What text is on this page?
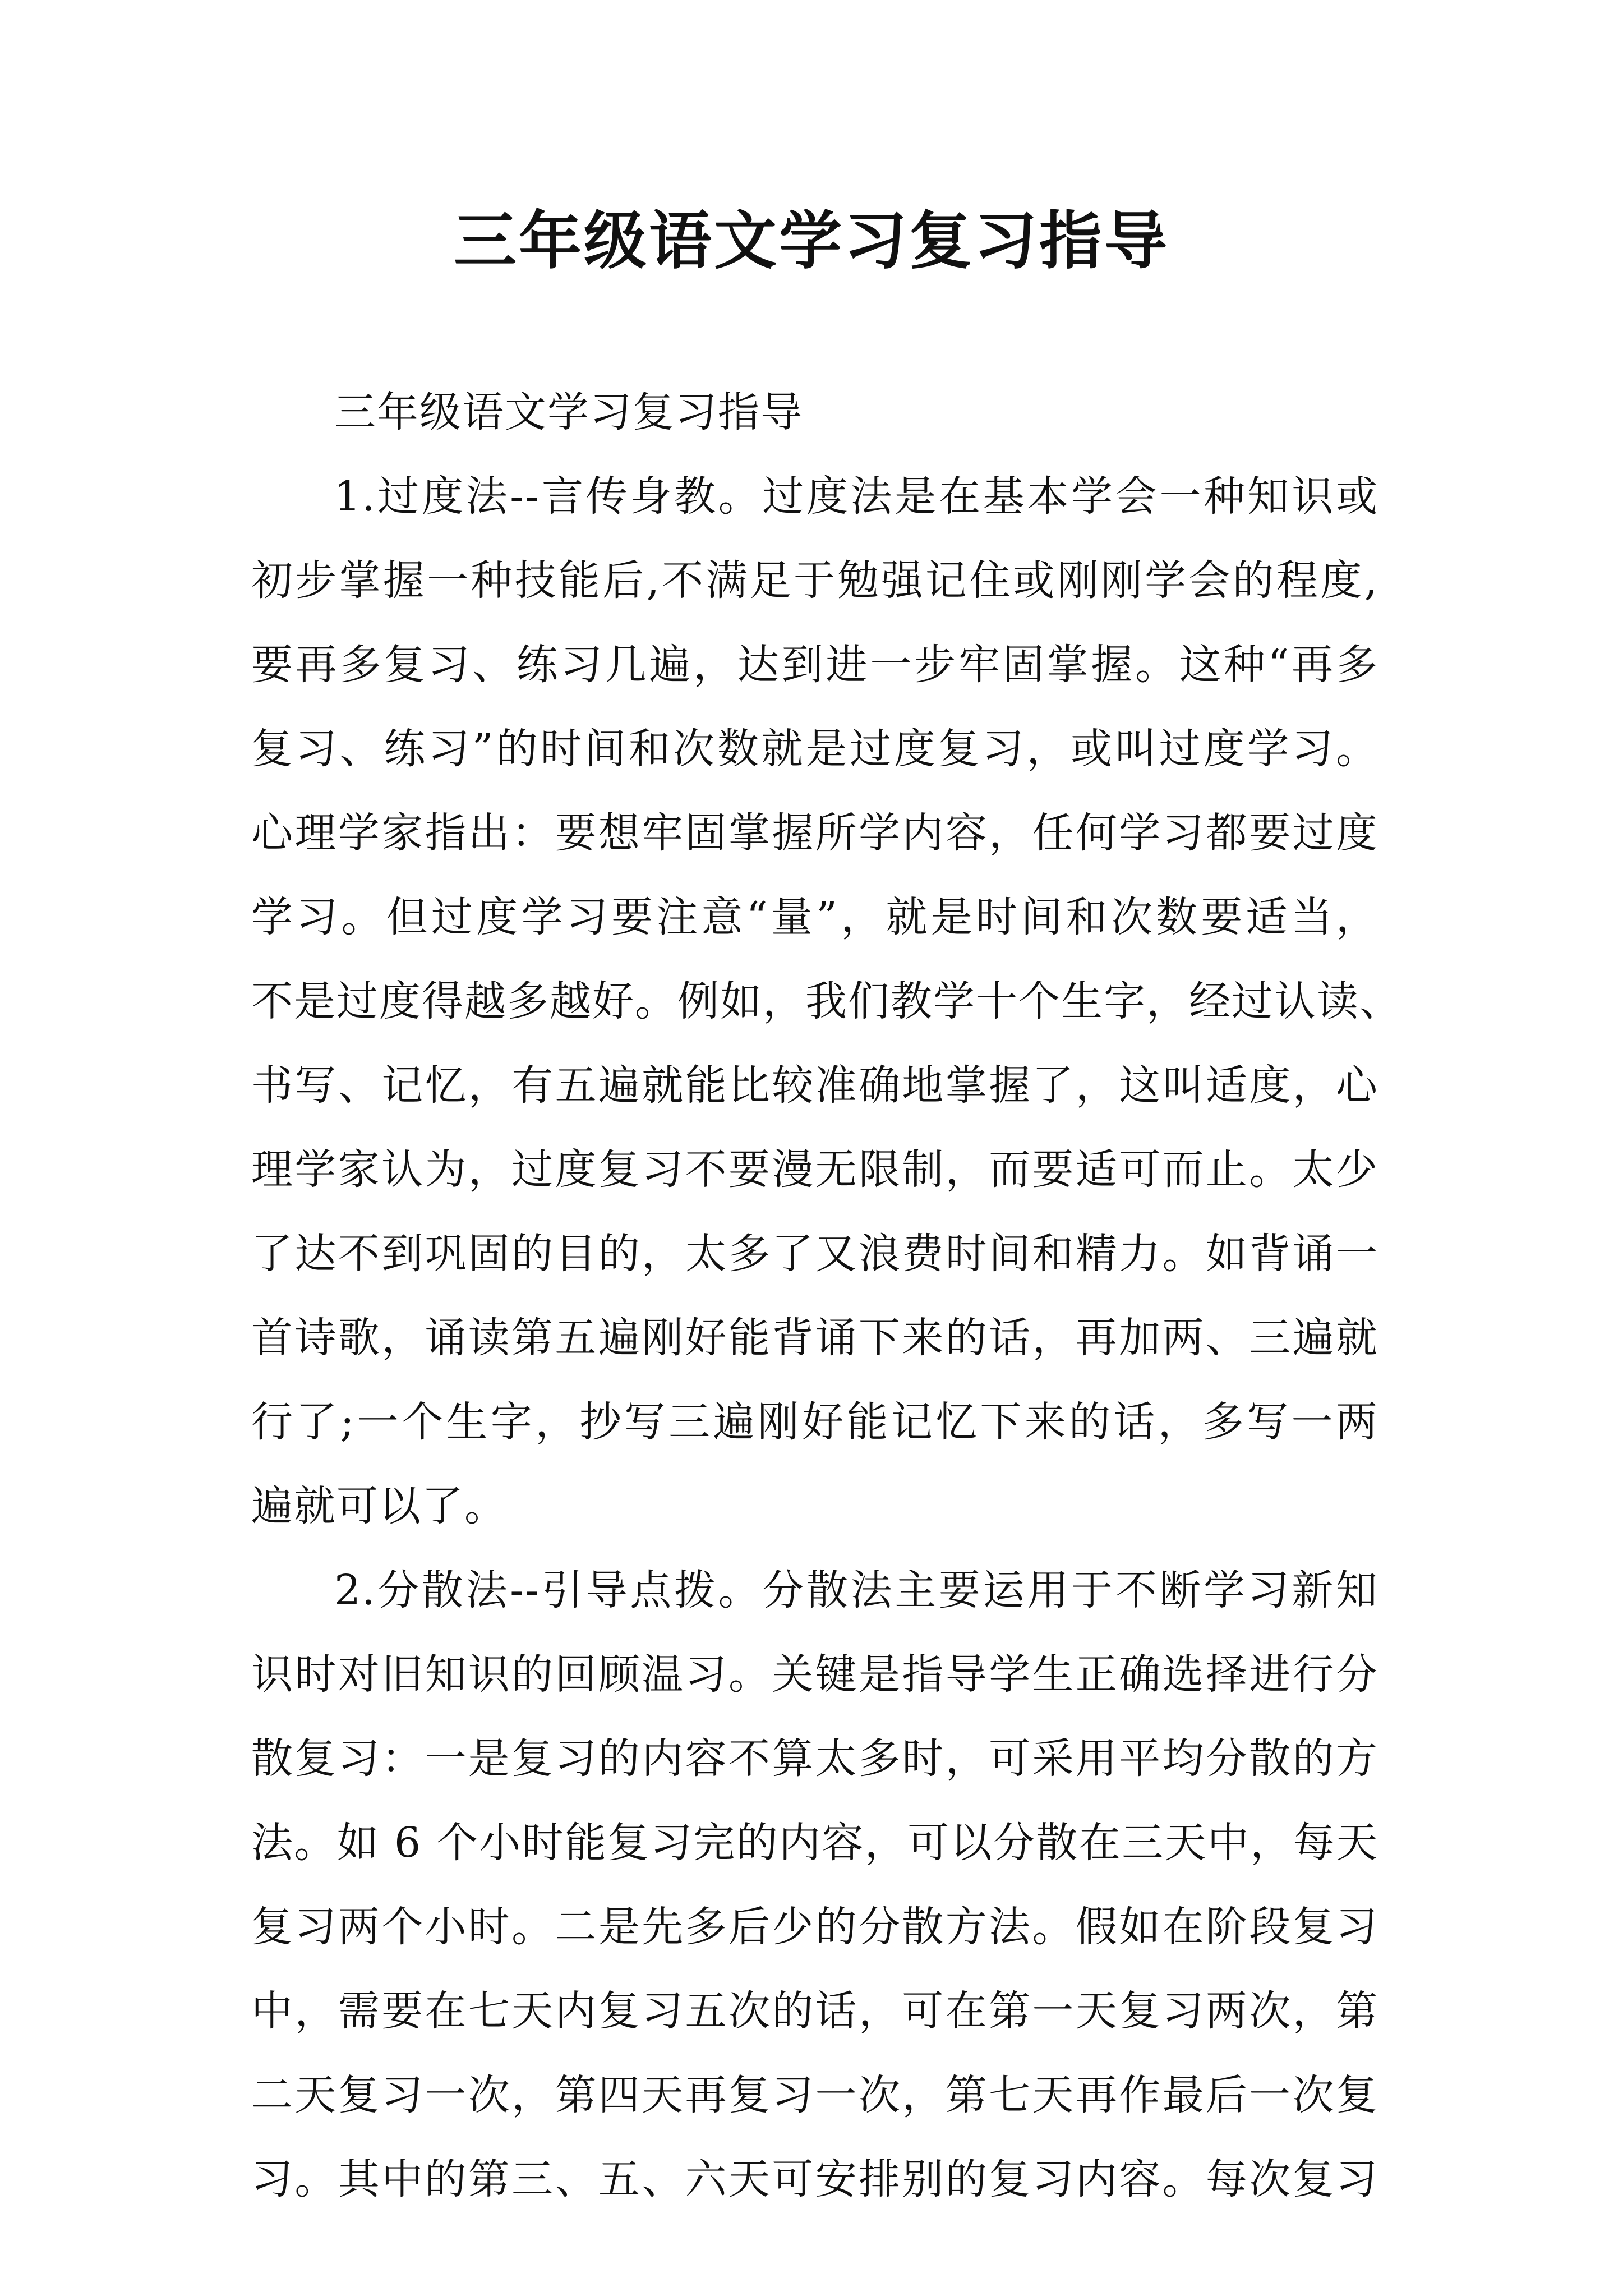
三年级语文学习复习指导
三年级语文学习复习指导
1.过度法--言传身教。过度法是在基本学会一种知识或
初步掌握一种技能后,不满足于勉强记住或刚刚学会的程度,
要再多复习、练习几遍，达到进一步牢固掌握。这种“再多
复习、练习”的时间和次数就是过度复习，或叫过度学习。
心理学家指出：要想牢固掌握所学内容，任何学习都要过度
学习。但过度学习要注意“量”，就是时间和次数要适当，
不是过度得越多越好。例如，我们教学十个生字，经过认读、
书写、记忆，有五遍就能比较准确地掌握了，这叫适度，心
理学家认为，过度复习不要漫无限制，而要适可而止。太少
了达不到巩固的目的，太多了又浪费时间和精力。如背诵一
首诗歌，诵读第五遍刚好能背诵下来的话，再加两、三遍就
行了;一个生字，抄写三遍刚好能记忆下来的话，多写一两
遍就可以了。
2.分散法--引导点拨。分散法主要运用于不断学习新知
识时对旧知识的回顾温习。关键是指导学生正确选择进行分
散复习：一是复习的内容不算太多时，可采用平均分散的方
法。如 6 个小时能复习完的内容，可以分散在三天中，每天
复习两个小时。二是先多后少的分散方法。假如在阶段复习
中，需要在七天内复习五次的话，可在第一天复习两次，第
二天复习一次，第四天再复习一次，第七天再作最后一次复
习。其中的第三、五、六天可安排别的复习内容。每次复习
